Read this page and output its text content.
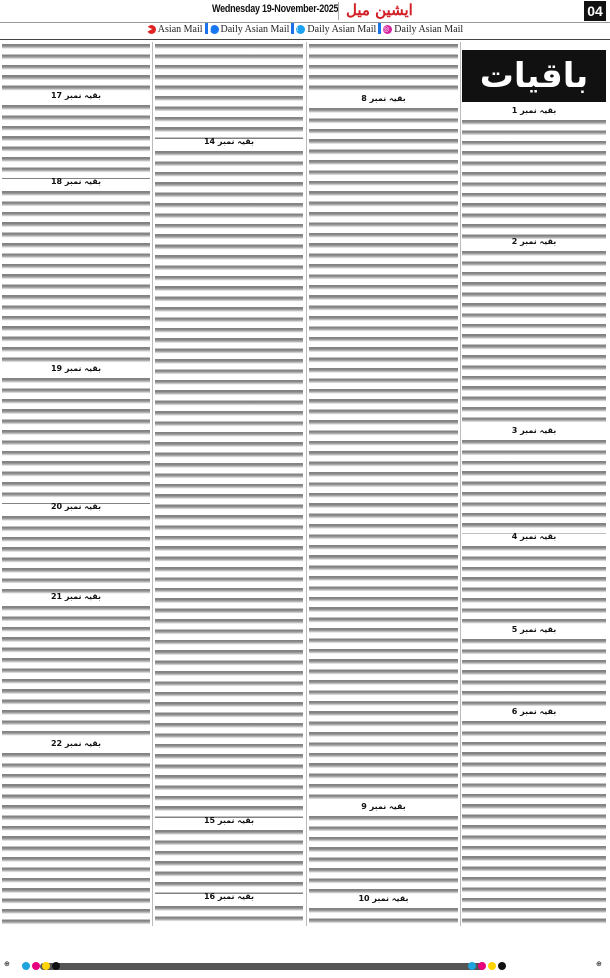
Wednesday 19-November-2025 ایشین میل	04
▶ Asian Mail f Daily Asian Mail t Daily Asian Mail ◎ Daily Asian Mail
باقیات
بقیہ نمبر 17
بقیہ نمبر 18
بقیہ نمبر 19
بقیہ نمبر 20
بقیہ نمبر 21
بقیہ نمبر 22
بقیہ نمبر 14
بقیہ نمبر 15
بقیہ نمبر 16
بقیہ نمبر 8
بقیہ نمبر 9
بقیہ نمبر 10
بقیہ نمبر 1
بقیہ نمبر 2
بقیہ نمبر 3
بقیہ نمبر 4
بقیہ نمبر 5
بقیہ نمبر 6
⊕	⊕
